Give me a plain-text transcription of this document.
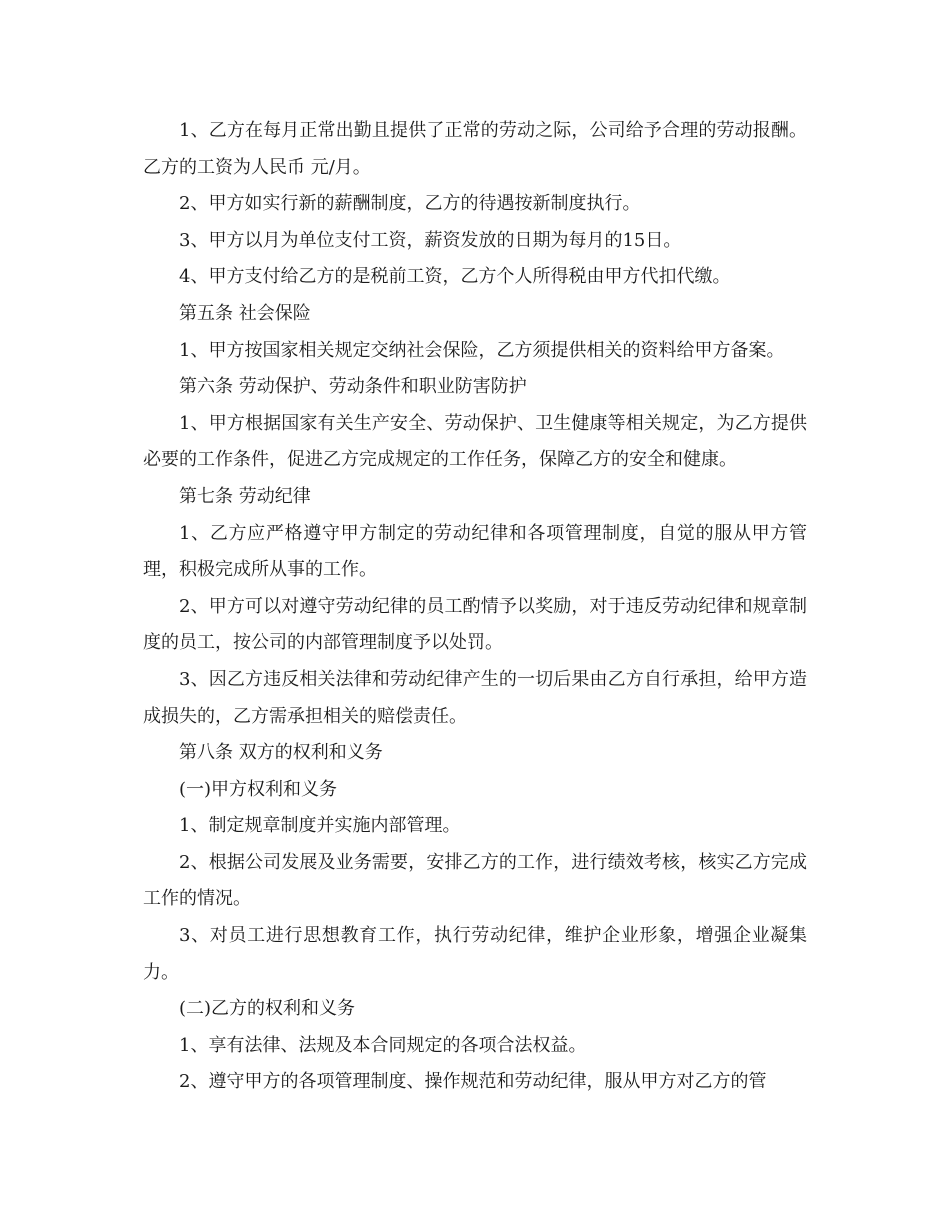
1、乙方在每月正常出勤且提供了正常的劳动之际，公司给予合理的劳动报酬。乙方的工资为人民币 元/月。

2、甲方如实行新的薪酬制度，乙方的待遇按新制度执行。

3、甲方以月为单位支付工资，薪资发放的日期为每月的15日。

4、甲方支付给乙方的是税前工资，乙方个人所得税由甲方代扣代缴。

第五条 社会保险

1、甲方按国家相关规定交纳社会保险，乙方须提供相关的资料给甲方备案。

第六条 劳动保护、劳动条件和职业防害防护

1、甲方根据国家有关生产安全、劳动保护、卫生健康等相关规定，为乙方提供必要的工作条件，促进乙方完成规定的工作任务，保障乙方的安全和健康。

第七条 劳动纪律

1、乙方应严格遵守甲方制定的劳动纪律和各项管理制度，自觉的服从甲方管理，积极完成所从事的工作。

2、甲方可以对遵守劳动纪律的员工酌情予以奖励，对于违反劳动纪律和规章制度的员工，按公司的内部管理制度予以处罚。

3、因乙方违反相关法律和劳动纪律产生的一切后果由乙方自行承担，给甲方造成损失的，乙方需承担相关的赔偿责任。

第八条 双方的权利和义务

(一)甲方权利和义务

1、制定规章制度并实施内部管理。

2、根据公司发展及业务需要，安排乙方的工作，进行绩效考核，核实乙方完成工作的情况。

3、对员工进行思想教育工作，执行劳动纪律，维护企业形象，增强企业凝集力。

(二)乙方的权利和义务

1、享有法律、法规及本合同规定的各项合法权益。

2、遵守甲方的各项管理制度、操作规范和劳动纪律，服从甲方对乙方的管
